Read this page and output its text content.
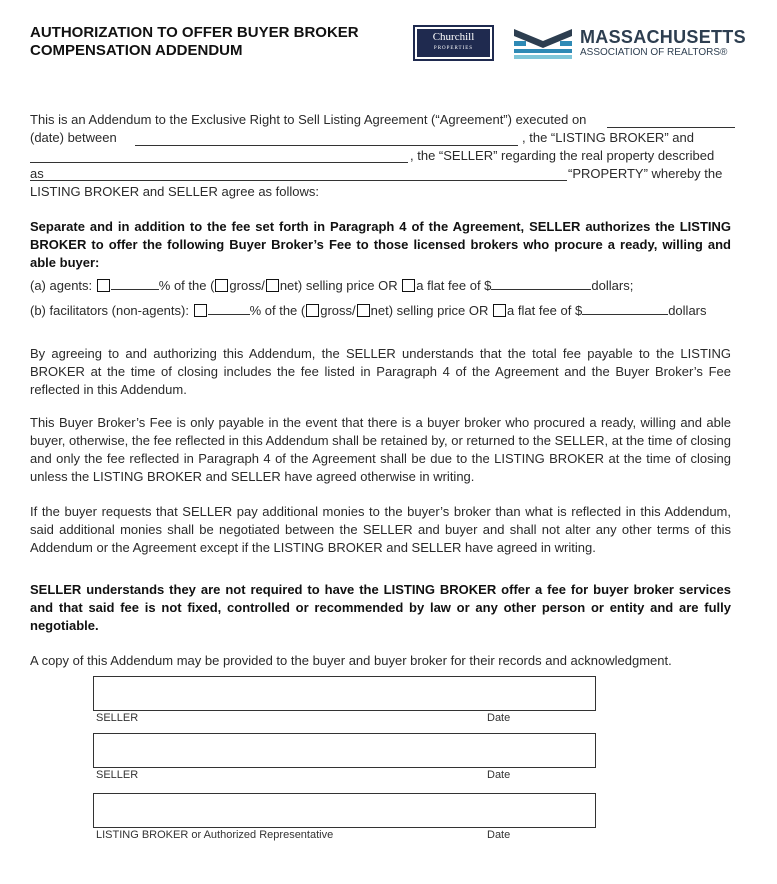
AUTHORIZATION TO OFFER BUYER BROKER
COMPENSATION ADDENDUM
Churchill
PROPERTIES
MASSACHUSETTS
ASSOCIATION OF REALTORS®
This is an Addendum to the Exclusive Right to Sell Listing Agreement (“Agreement”) executed on
(date) between	, the “LISTING BROKER” and
, the “SELLER” regarding the real property described
as	“PROPERTY” whereby the
LISTING BROKER and SELLER agree as follows:
Separate and in addition to the fee set forth in Paragraph 4 of the Agreement, SELLER authorizes the LISTING BROKER to offer the following Buyer Broker’s Fee to those licensed brokers who procure a ready, willing and able buyer:
(a) agents:	% of the ( gross/ net) selling price OR a flat fee of $	dollars;
(b) facilitators (non-agents):	% of the ( gross/ net) selling price OR a flat fee of $	dollars
By agreeing to and authorizing this Addendum, the SELLER understands that the total fee payable to the LISTING BROKER at the time of closing includes the fee listed in Paragraph 4 of the Agreement and the Buyer Broker’s Fee reflected in this Addendum.
This Buyer Broker’s Fee is only payable in the event that there is a buyer broker who procured a ready, willing and able buyer, otherwise, the fee reflected in this Addendum shall be retained by, or returned to the SELLER, at the time of closing and only the fee reflected in Paragraph 4 of the Agreement shall be due to the LISTING BROKER at the time of closing unless the LISTING BROKER and SELLER have agreed otherwise in writing.
If the buyer requests that SELLER pay additional monies to the buyer’s broker than what is reflected in this Addendum, said additional monies shall be negotiated between the SELLER and buyer and shall not alter any other terms of this Addendum or the Agreement except if the LISTING BROKER and SELLER have agreed in writing.
SELLER understands they are not required to have the LISTING BROKER offer a fee for buyer broker services and that said fee is not fixed, controlled or recommended by law or any other person or entity and are fully negotiable.
A copy of this Addendum may be provided to the buyer and buyer broker for their records and acknowledgment.
SELLER	Date
SELLER	Date
LISTING BROKER or Authorized Representative	Date
